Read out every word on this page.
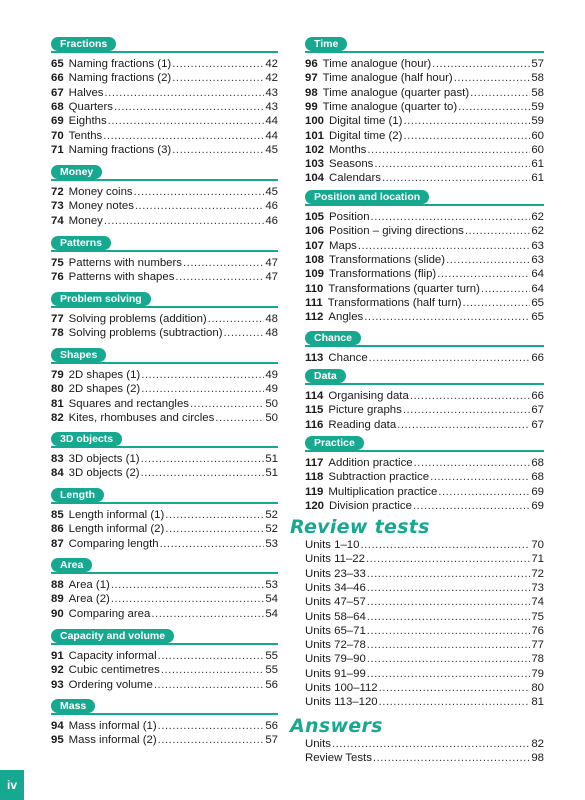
Fractions
65 Naming fractions (1) .....	42
66 Naming fractions (2) .....	42
67 Halves .....	43
68 Quarters .....	43
69 Eighths .....	44
70 Tenths .....	44
71 Naming fractions (3) .....	45
Money
72 Money coins .....	45
73 Money notes .....	46
74 Money .....	46
Patterns
75 Patterns with numbers .....	47
76 Patterns with shapes .....	47
Problem solving
77 Solving problems (addition) .....	48
78 Solving problems (subtraction) .....	48
Shapes
79 2D shapes (1) .....	49
80 2D shapes (2) .....	49
81 Squares and rectangles .....	50
82 Kites, rhombuses and circles .....	50
3D objects
83 3D objects (1) .....	51
84 3D objects (2) .....	51
Length
85 Length informal (1) .....	52
86 Length informal (2) .....	52
87 Comparing length .....	53
Area
88 Area (1) .....	53
89 Area (2) .....	54
90 Comparing area .....	54
Capacity and volume
91 Capacity informal .....	55
92 Cubic centimetres .....	55
93 Ordering volume .....	56
Mass
94 Mass informal (1) .....	56
95 Mass informal (2) .....	57
Time
96 Time analogue (hour) .....	57
97 Time analogue (half hour) .....	58
98 Time analogue (quarter past) .....	58
99 Time analogue (quarter to) .....	59
100 Digital time (1) .....	59
101 Digital time (2) .....	60
102 Months .....	60
103 Seasons .....	61
104 Calendars .....	61
Position and location
105 Position .....	62
106 Position – giving directions .....	62
107 Maps .....	63
108 Transformations (slide) .....	63
109 Transformations (flip) .....	64
110 Transformations (quarter turn) .....	64
111 Transformations (half turn) .....	65
112 Angles .....	65
Chance
113 Chance .....	66
Data
114 Organising data .....	66
115 Picture graphs .....	67
116 Reading data .....	67
Practice
117 Addition practice .....	68
118 Subtraction practice .....	68
119 Multiplication practice .....	69
120 Division practice .....	69
Review tests
Units 1–10 .....	70
Units 11–22 .....	71
Units 23–33 .....	72
Units 34–46 .....	73
Units 47–57 .....	74
Units 58–64 .....	75
Units 65–71 .....	76
Units 72–78 .....	77
Units 79–90 .....	78
Units 91–99 .....	79
Units 100–112 .....	80
Units 113–120 .....	81
Answers
Units .....	82
Review Tests .....	98
iv
